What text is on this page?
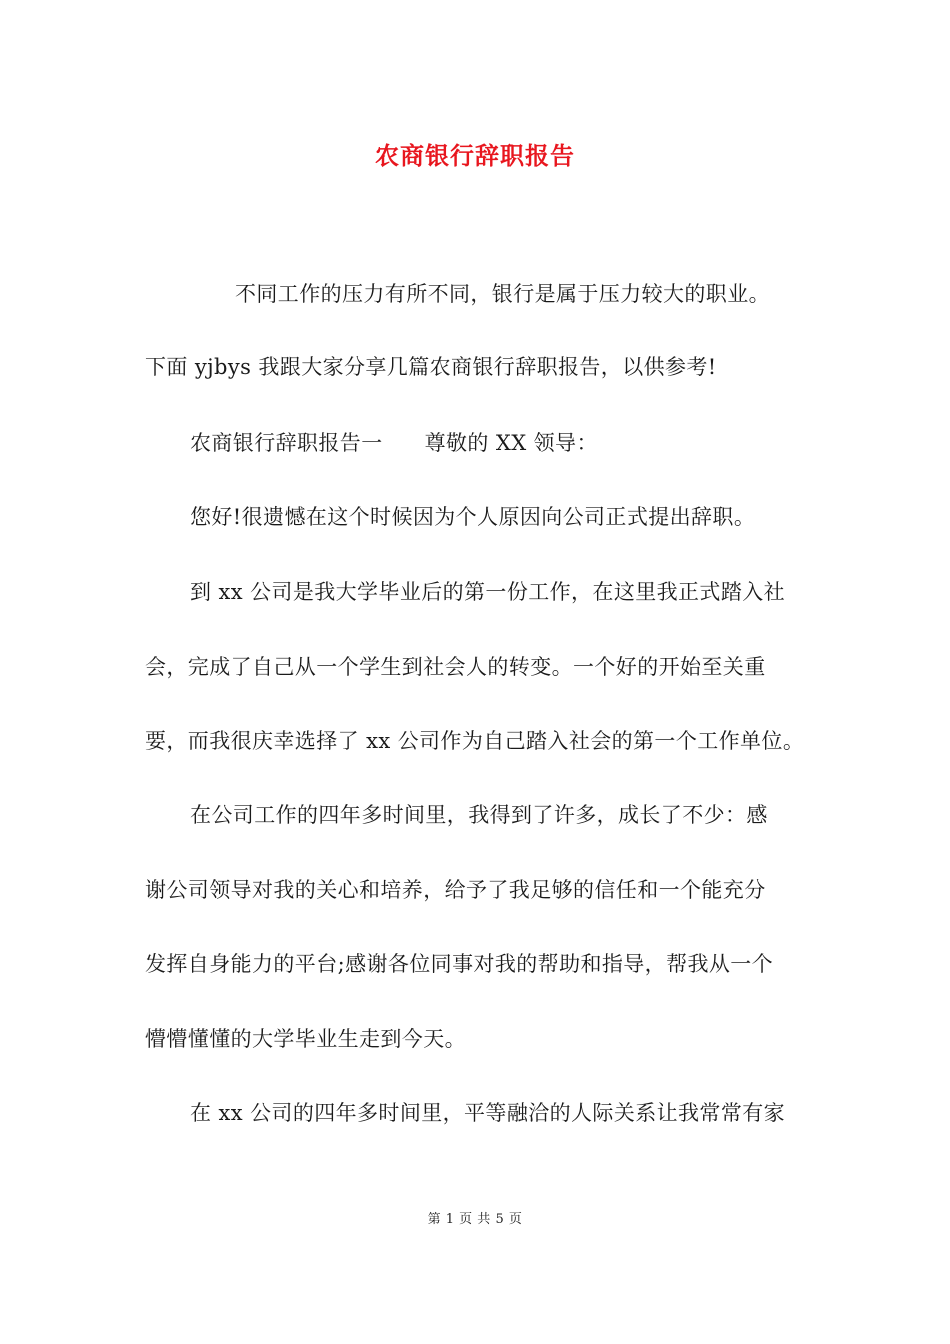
农商银行辞职报告
不同工作的压力有所不同，银行是属于压力较大的职业。
下面 yjbys 我跟大家分享几篇农商银行辞职报告，以供参考!
农商银行辞职报告一 尊敬的 XX 领导：
您好!很遗憾在这个时候因为个人原因向公司正式提出辞职。
到 xx 公司是我大学毕业后的第一份工作，在这里我正式踏入社
会，完成了自己从一个学生到社会人的转变。一个好的开始至关重
要，而我很庆幸选择了 xx 公司作为自己踏入社会的第一个工作单位。
在公司工作的四年多时间里，我得到了许多，成长了不少：感
谢公司领导对我的关心和培养，给予了我足够的信任和一个能充分
发挥自身能力的平台;感谢各位同事对我的帮助和指导，帮我从一个
懵懵懂懂的大学毕业生走到今天。
在 xx 公司的四年多时间里，平等融洽的人际关系让我常常有家
第 1 页 共 5 页
